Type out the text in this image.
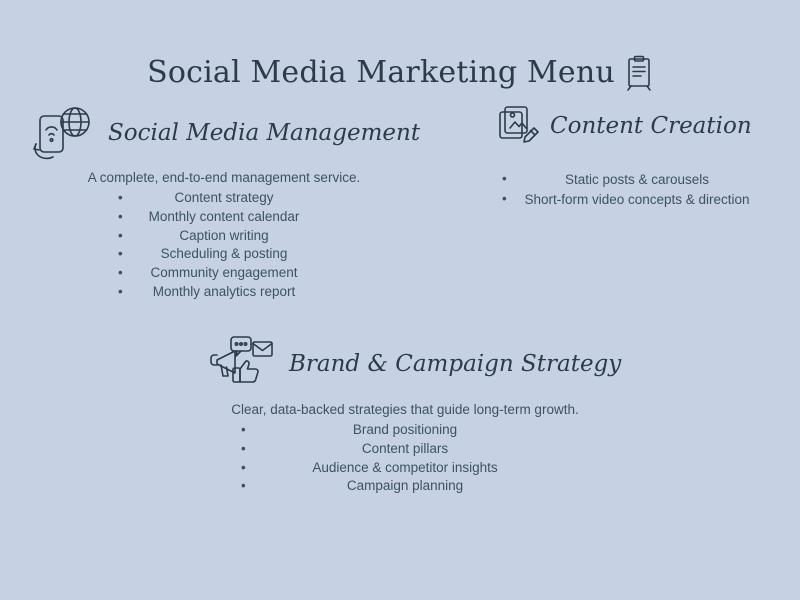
Social Media Marketing Menu
Social Media Management
A complete, end-to-end management service.
•	Content strategy
• Monthly content calendar
•	Caption writing
•	Scheduling & posting
• Community engagement
• Monthly analytics report
Content Creation
•	Static posts & carousels
• Short-form video concepts & direction
Brand & Campaign Strategy
Clear, data-backed strategies that guide long-term growth.
•	Brand positioning
•	Content pillars
•	Audience & competitor insights
•	Campaign planning
